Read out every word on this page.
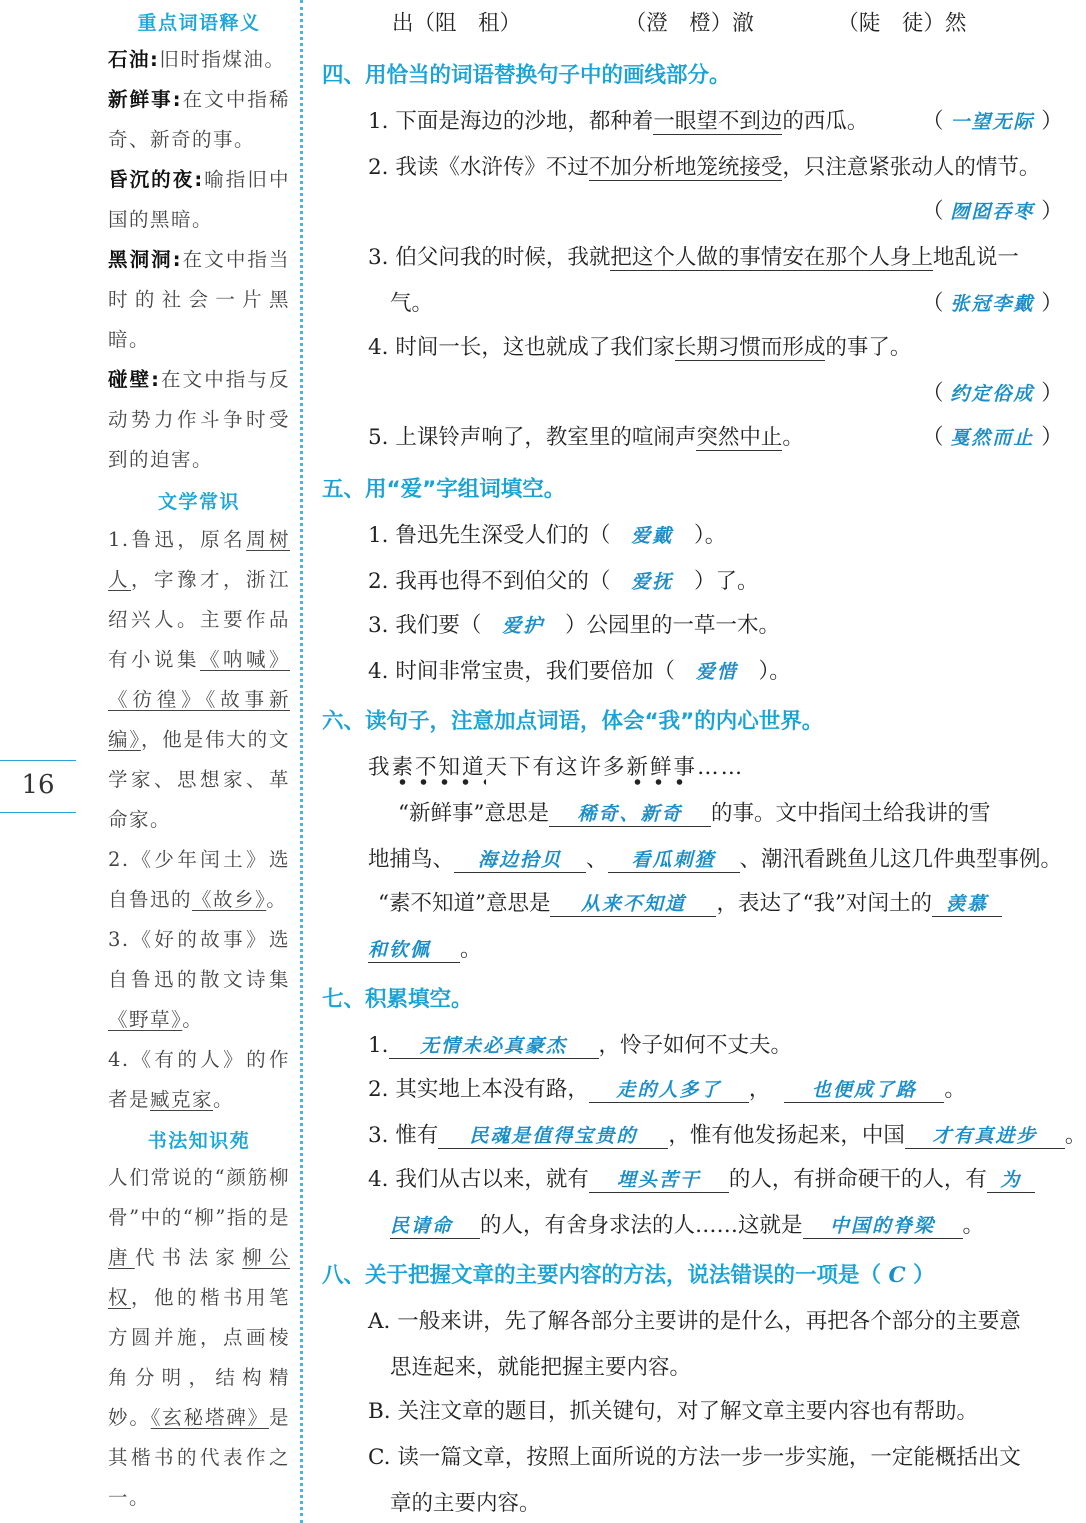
16
重点词语释义
石油:旧时指煤油。
新鲜事:在文中指稀奇、新奇的事。
昏沉的夜:喻指旧中国的黑暗。
黑洞洞:在文中指当时的社会一片黑暗。
碰壁:在文中指与反动势力作斗争时受到的迫害。
文学常识
1.鲁迅，原名周树人，字豫才，浙江绍兴人。主要作品有小说集《呐喊》《彷徨》《故事新编》，他是伟大的文学家、思想家、革命家。
2.《少年闰土》选自鲁迅的《故乡》。
3.《好的故事》选自鲁迅的散文诗集《野草》。
4.《有的人》的作者是臧克家。
书法知识苑
人们常说的“颜筋柳骨”中的“柳”指的是唐代书法家柳公权，他的楷书用笔方圆并施，点画棱角分明，结构精妙。《玄秘塔碑》是其楷书的代表作之一。
出（阻　租）	（澄　橙）澈	（陡　徒）然
四、用恰当的词语替换句子中的画线部分。
1. 下面是海边的沙地，都种着一眼望不到边的西瓜。 （ 一望无际 ）
2. 我读《水浒传》不过不加分析地笼统接受，只注意紧张动人的情节。
（ 囫囵吞枣 ）
3. 伯父问我的时候，我就把这个人做的事情安在那个人身上地乱说一
气。	（ 张冠李戴 ）
4. 时间一长，这也就成了我们家长期习惯而形成的事了。
（ 约定俗成 ）
5. 上课铃声响了，教室里的喧闹声突然中止。	（ 戛然而止 ）
五、用“爱”字组词填空。
1. 鲁迅先生深受人们的（ 爱戴 ）。
2. 我再也得不到伯父的（ 爱抚 ）了。
3. 我们要（ 爱护 ）公园里的一草一木。
4. 时间非常宝贵，我们要倍加（ 爱惜 ）。
六、读句子，注意加点词语，体会“我”的内心世界。
我素不知道天下有这许多新鲜事……
“新鲜事”意思是 稀奇、新奇 的事。文中指闰土给我讲的雪
地捕鸟、 海边拾贝 、 看瓜刺猹 、潮汛看跳鱼儿这几件典型事例。
“素不知道”意思是 从来不知道 ，表达了“我”对闰土的 羡慕
和钦佩 。
七、积累填空。
1. 无情未必真豪杰 ，怜子如何不丈夫。
2. 其实地上本没有路， 走的人多了 ， 也便成了路 。
3. 惟有 民魂是值得宝贵的 ，惟有他发扬起来，中国 才有真进步 。
4. 我们从古以来，就有 埋头苦干 的人，有拼命硬干的人，有 为
民请命 的人，有舍身求法的人……这就是 中国的脊梁 。
八、关于把握文章的主要内容的方法，说法错误的一项是（ C ）
A. 一般来讲，先了解各部分主要讲的是什么，再把各个部分的主要意
思连起来，就能把握主要内容。
B. 关注文章的题目，抓关键句，对了解文章主要内容也有帮助。
C. 读一篇文章，按照上面所说的方法一步一步实施，一定能概括出文
章的主要内容。
